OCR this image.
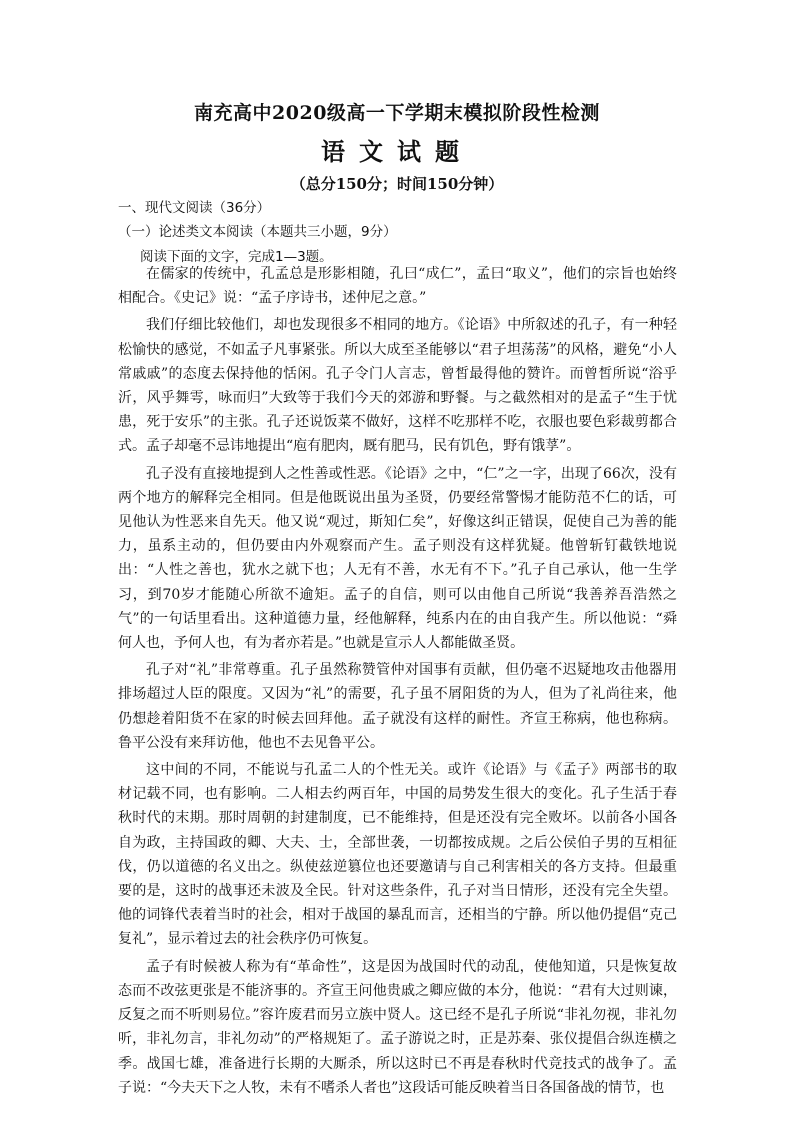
南充高中2020级高一下学期末模拟阶段性检测
语文试题
（总分150分；时间150分钟）
一、现代文阅读（36分）
（一）论述类文本阅读（本题共三小题，9分）
阅读下面的文字，完成1—3题。

在儒家的传统中，孔孟总是形影相随，孔曰“成仁”，孟曰“取义”，他们的宗旨也始终相配合。《史记》说：“孟子序诗书，述仲尼之意。”

我们仔细比较他们，却也发现很多不相同的地方。《论语》中所叙述的孔子，有一种轻松愉快的感觉，不如孟子凡事紧张。所以大成至圣能够以“君子坦荡荡”的风格，避免“小人常戚戚”的态度去保持他的恬闲。孔子令门人言志，曾皙最得他的赞许。而曾皙所说“浴乎沂，风乎舞雩，咏而归”大致等于我们今天的郊游和野餐。与之截然相对的是孟子“生于忧患，死于安乐”的主张。孔子还说饭菜不做好，这样不吃那样不吃，衣服也要色彩裁剪都合式。孟子却毫不忌讳地提出“庖有肥肉，厩有肥马，民有饥色，野有饿莩”。

孔子没有直接地提到人之性善或性恶。《论语》之中，“仁”之一字，出现了66次，没有两个地方的解释完全相同。但是他既说出虽为圣贤，仍要经常警惕才能防范不仁的话，可见他认为性恶来自先天。他又说“观过，斯知仁矣”，好像这纠正错误，促使自己为善的能力，虽系主动的，但仍要由内外观察而产生。孟子则没有这样犹疑。他曾斩钉截铁地说出：“人性之善也，犹水之就下也；人无有不善，水无有不下。”孔子自己承认，他一生学习，到70岁才能随心所欲不逾矩。孟子的自信，则可以由他自己所说“我善养吾浩然之气”的一句话里看出。这种道德力量，经他解释，纯系内在的由自我产生。所以他说：“舜何人也，予何人也，有为者亦若是。”也就是宣示人人都能做圣贤。

孔子对“礼”非常尊重。孔子虽然称赞管仲对国事有贡献，但仍毫不迟疑地攻击他器用排场超过人臣的限度。又因为“礼”的需要，孔子虽不屑阳货的为人，但为了礼尚往来，他仍想趁着阳货不在家的时候去回拜他。孟子就没有这样的耐性。齐宣王称病，他也称病。鲁平公没有来拜访他，他也不去见鲁平公。

这中间的不同，不能说与孔孟二人的个性无关。或许《论语》与《孟子》两部书的取材记载不同，也有影响。二人相去约两百年，中国的局势发生很大的变化。孔子生活于春秋时代的末期。那时周朝的封建制度，已不能维持，但是还没有完全败坏。以前各小国各自为政，主持国政的卿、大夫、士，全部世袭，一切都按成规。之后公侯伯子男的互相征伐，仍以道德的名义出之。纵使兹逆篡位也还要邀请与自己利害相关的各方支持。但最重要的是，这时的战事还未波及全民。针对这些条件，孔子对当日情形，还没有完全失望。他的词锋代表着当时的社会，相对于战国的暴乱而言，还相当的宁静。所以他仍提倡“克己复礼”，显示着过去的社会秩序仍可恢复。

孟子有时候被人称为有“革命性”，这是因为战国时代的动乱，使他知道，只是恢复故态而不改弦更张是不能济事的。齐宣王问他贵戚之卿应做的本分，他说：“君有大过则谏，反复之而不听则易位。”容许废君而另立族中贤人。这已经不是孔子所说“非礼勿视，非礼勿听，非礼勿言，非礼勿动”的严格规矩了。孟子游说之时，正是苏秦、张仪提倡合纵连横之季。战国七雄，准备进行长期的大厮杀，所以这时已不再是春秋时代竞技式的战争了。孟子说：“今夫天下之人牧，未有不嗜杀人者也”这段话可能反映着当日各国备战的情节，也
